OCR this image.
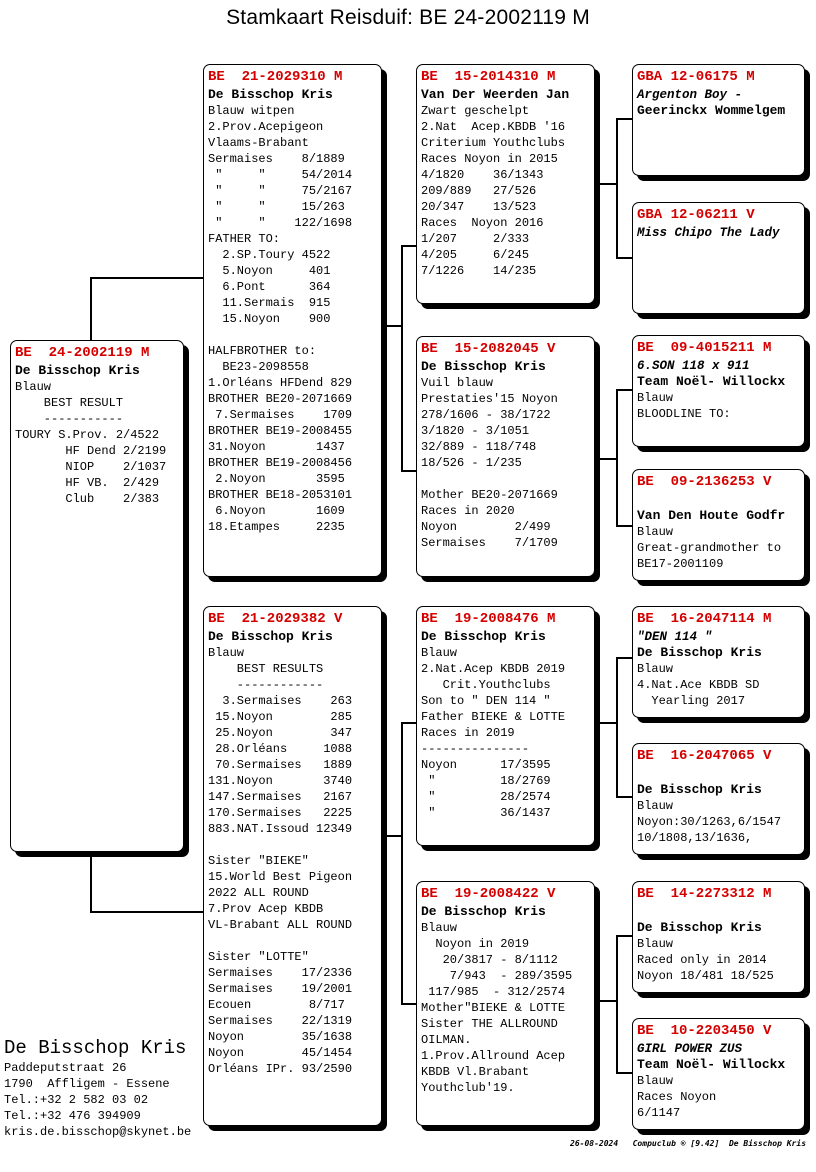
Stamkaart Reisduif: BE 24-2002119 M
BE  24-2002119 M
De Bisschop Kris
Blauw
BEST RESULT
-----------
TOURY S.Prov. 2/4522
HF Dend 2/2199
NIOP    2/1037
HF VB.  2/429
Club    2/383
BE  21-2029310 M
De Bisschop Kris
Blauw witpen
2.Prov.Acepigeon
Vlaams-Brabant
Sermaises    8/1889
"     "     54/2014
"     "     75/2167
"     "     15/263
"     "    122/1698
FATHER TO:
2.SP.Toury 4522
5.Noyon     401
6.Pont      364
11.Sermais  915
15.Noyon    900
HALFBROTHER to:
BE23-2098558
1.Orléans HFDend 829
BROTHER BE20-2071669
7.Sermaises    1709
BROTHER BE19-2008455
31.Noyon       1437
BROTHER BE19-2008456
2.Noyon       3595
BROTHER BE18-2053101
6.Noyon       1609
18.Etampes     2235
BE  21-2029382 V
De Bisschop Kris
Blauw
BEST RESULTS
------------
3.Sermaises    263
15.Noyon        285
25.Noyon        347
28.Orléans     1088
70.Sermaises   1889
131.Noyon       3740
147.Sermaises   2167
170.Sermaises   2225
883.NAT.Issoud 12349
Sister "BIEKE"
15.World Best Pigeon
2022 ALL ROUND
7.Prov Acep KBDB
VL-Brabant ALL ROUND
Sister "LOTTE"
Sermaises    17/2336
Sermaises    19/2001
Ecouen        8/717
Sermaises    22/1319
Noyon        35/1638
Noyon        45/1454
Orléans IPr. 93/2590
BE  15-2014310 M
Van Der Weerden Jan
Zwart geschelpt
2.Nat  Acep.KBDB '16
Criterium Youthclubs
Races Noyon in 2015
4/1820    36/1343
209/889   27/526
20/347    13/523
Races  Noyon 2016
1/207     2/333
4/205     6/245
7/1226    14/235
BE  15-2082045 V
De Bisschop Kris
Vuil blauw
Prestaties'15 Noyon
278/1606 - 38/1722
3/1820 - 3/1051
32/889 - 118/748
18/526 - 1/235
Mother BE20-2071669
Races in 2020
Noyon        2/499
Sermaises    7/1709
BE  19-2008476 M
De Bisschop Kris
Blauw
2.Nat.Acep KBDB 2019
Crit.Youthclubs
Son to " DEN 114 "
Father BIEKE & LOTTE
Races in 2019
---------------
Noyon      17/3595
"         18/2769
"         28/2574
"         36/1437
BE  19-2008422 V
De Bisschop Kris
Blauw
Noyon in 2019
20/3817 - 8/1112
7/943  - 289/3595
117/985  - 312/2574
Mother"BIEKE & LOTTE
Sister THE ALLROUND
OILMAN.
1.Prov.Allround Acep
KBDB Vl.Brabant
Youthclub'19.
GBA 12-06175 M
Argenton Boy -
Geerinckx Wommelgem
GBA 12-06211 V
Miss Chipo The Lady
BE  09-4015211 M
6.SON 118 x 911
Team Noël- Willockx
Blauw
BLOODLINE TO:
BE  09-2136253 V
Van Den Houte Godfr
Blauw
Great-grandmother to
BE17-2001109
BE  16-2047114 M
"DEN 114 "
De Bisschop Kris
Blauw
4.Nat.Ace KBDB SD
Yearling 2017
BE  16-2047065 V
De Bisschop Kris
Blauw
Noyon:30/1263,6/1547
10/1808,13/1636,
BE  14-2273312 M
De Bisschop Kris
Blauw
Raced only in 2014
Noyon 18/481 18/525
BE  10-2203450 V
GIRL POWER ZUS
Team Noël- Willockx
Blauw
Races Noyon
6/1147
De Bisschop Kris
Paddeputstraat 26
1790  Affligem - Essene
Tel.:+32 2 582 03 02
Tel.:+32 476 394909
kris.de.bisschop@skynet.be
26-08-2024   Compuclub ® [9.42]  De Bisschop Kris
